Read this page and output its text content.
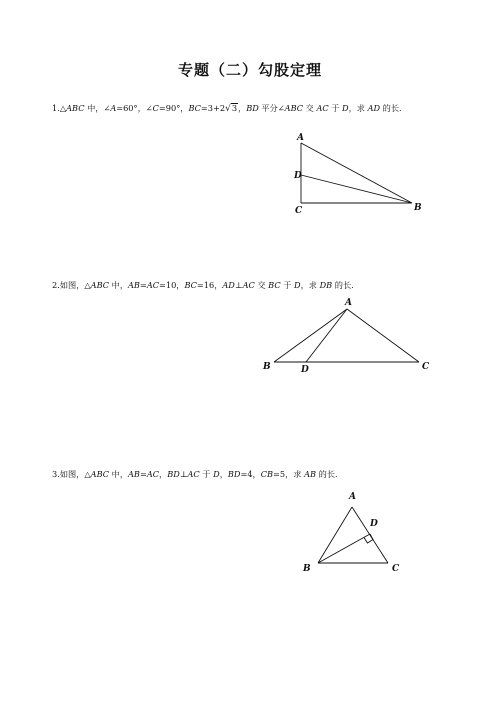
专题（二）勾股定理
1.△ABC 中，∠A=60°，∠C=90°，BC=3+2√3，BD 平分∠ABC 交 AC 于 D，求 AD 的长.
A
D
C	B
A
B	D	C
A
D
B	C
2.如图，△ABC 中，AB=AC=10，BC=16，AD⊥AC 交 BC 于 D，求 DB 的长.
3.如图，△ABC 中，AB=AC，BD⊥AC 于 D，BD=4，CB=5，求 AB 的长.
